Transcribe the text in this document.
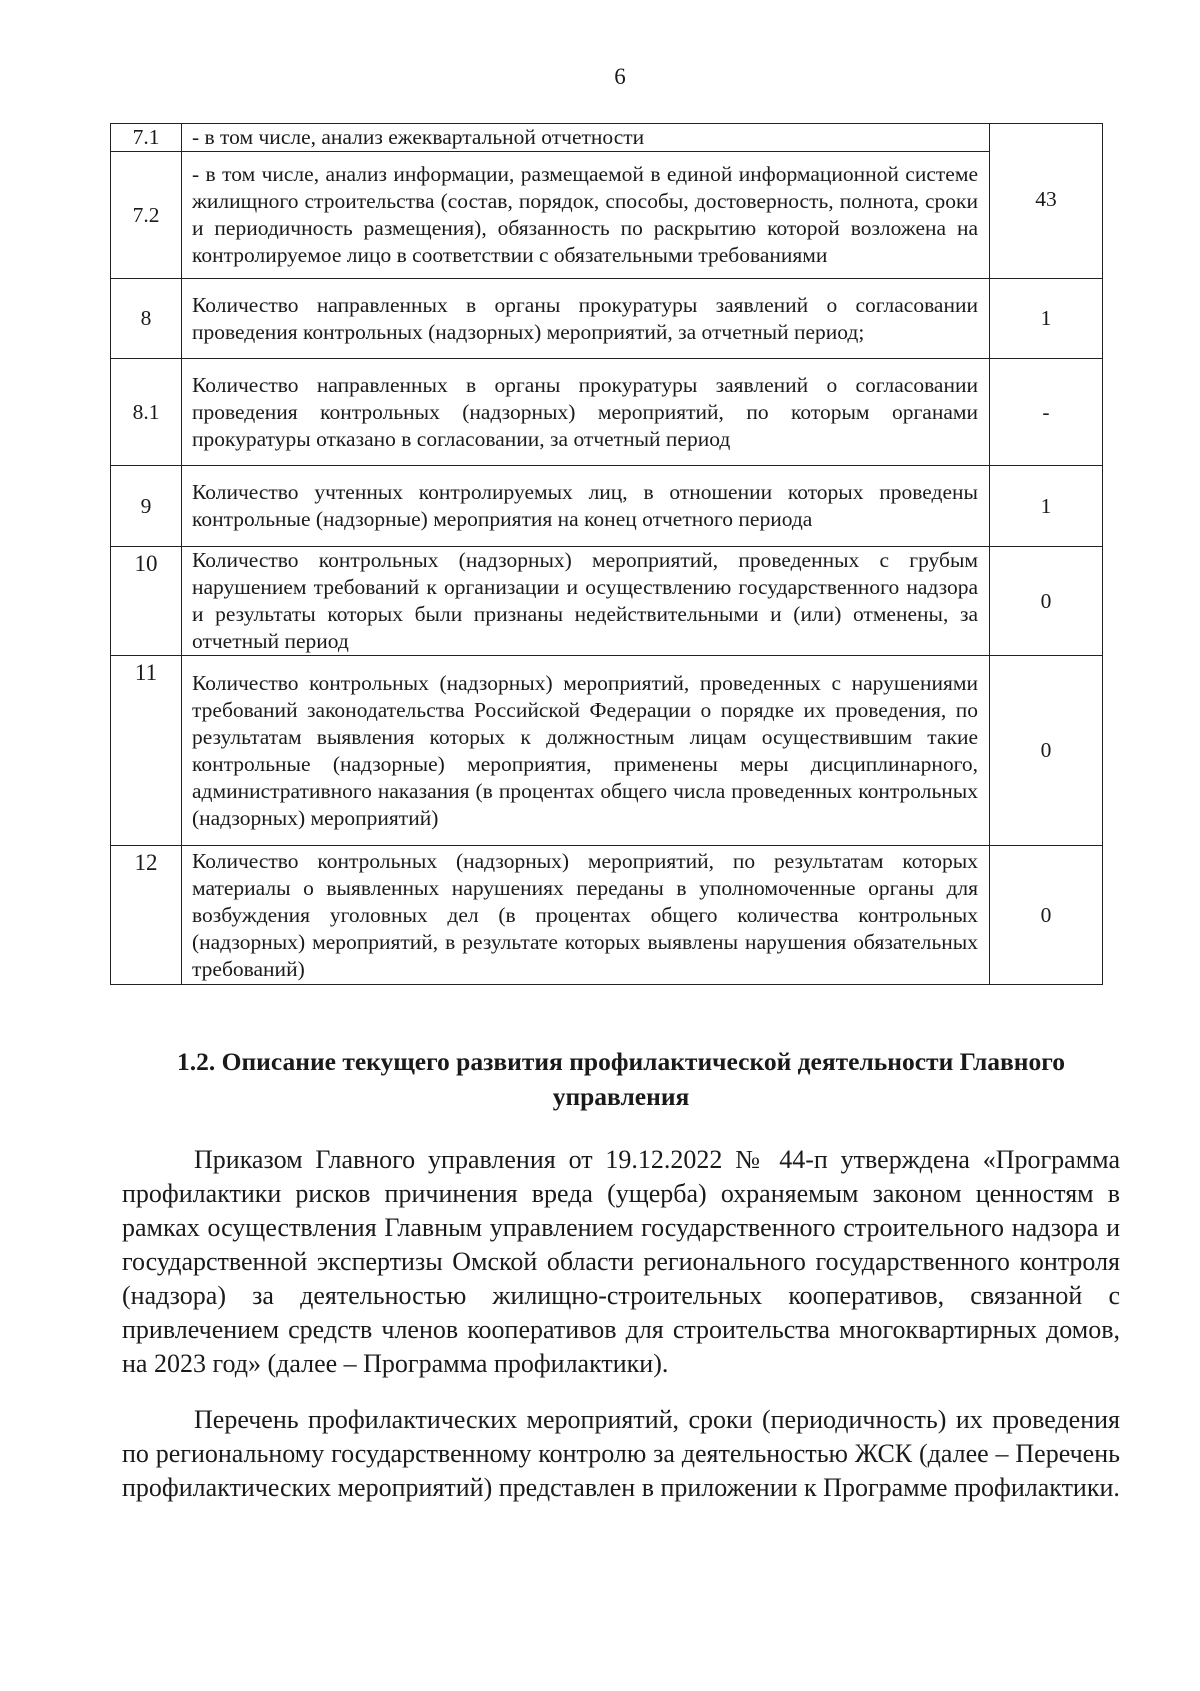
6
7.1	- в том числе, анализ ежеквартальной отчетности	43
7.2	- в том числе, анализ информации, размещаемой в единой информационной системе жилищного строительства (состав, порядок, способы, достоверность, полнота, сроки и периодичность размещения), обязанность по раскрытию которой возложена на контролируемое лицо в соответствии с обязательными требованиями	

8	Количество направленных в органы прокуратуры заявлений о согласовании проведения контрольных (надзорных) мероприятий, за отчетный период;	1
8.1	Количество направленных в органы прокуратуры заявлений о согласовании проведения контрольных (надзорных) мероприятий, по которым органами прокуратуры отказано в согласовании, за отчетный период	-
9	Количество учтенных контролируемых лиц, в отношении которых проведены контрольные (надзорные) мероприятия на конец отчетного периода	1
10	Количество контрольных (надзорных) мероприятий, проведенных с грубым нарушением требований к организации и осуществлению государственного надзора и результаты которых были признаны недействительными и (или) отменены, за отчетный период	0
11	Количество контрольных (надзорных) мероприятий, проведенных с нарушениями требований законодательства Российской Федерации о порядке их проведения, по результатам выявления которых к должностным лицам осуществившим такие контрольные (надзорные) мероприятия, применены меры дисциплинарного, административного наказания (в процентах общего числа проведенных контрольных (надзорных) мероприятий)	0
12	Количество контрольных (надзорных) мероприятий, по результатам которых материалы о выявленных нарушениях переданы в уполномоченные органы для возбуждения уголовных дел (в процентах общего количества контрольных (надзорных) мероприятий, в результате которых выявлены нарушения обязательных требований)	0
1.2. Описание текущего развития профилактической деятельности Главного управления
Приказом Главного управления от 19.12.2022 № 44-п утверждена «Программа профилактики рисков причинения вреда (ущерба) охраняемым законом ценностям в рамках осуществления Главным управлением государственного строительного надзора и государственной экспертизы Омской области регионального государственного контроля (надзора) за деятельностью жилищно-строительных кооперативов, связанной с привлечением средств членов кооперативов для строительства многоквартирных домов, на 2023 год» (далее – Программа профилактики).
Перечень профилактических мероприятий, сроки (периодичность) их проведения по региональному государственному контролю за деятельностью ЖСК (далее – Перечень профилактических мероприятий) представлен в приложении к Программе профилактики.
